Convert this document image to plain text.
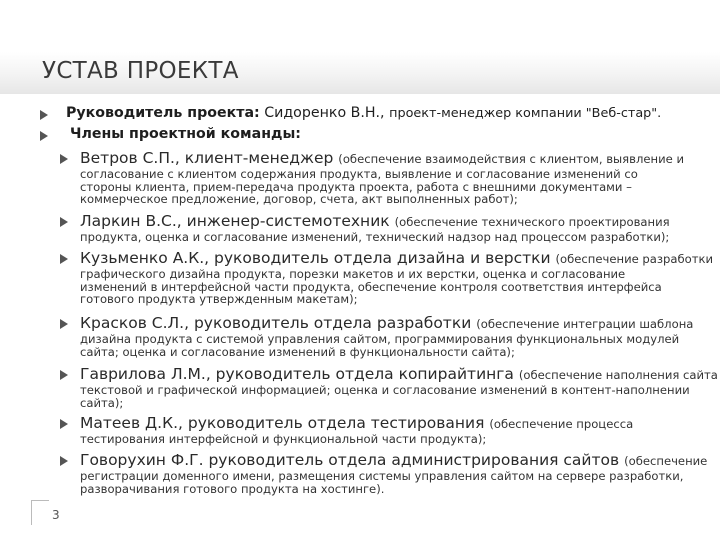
УСТАВ ПРОЕКТА
Руководитель проекта: Сидоренко В.Н., проект-менеджер компании "Веб-стар".
Члены проектной команды:
Ветров С.П., клиент-менеджер (обеспечение взаимодействия с клиентом, выявление и
согласование с клиентом содержания продукта, выявление и согласование изменений со стороны клиента, прием-передача продукта проекта, работа с внешними документами – коммерческое предложение, договор, счета, акт выполненных работ);
Ларкин В.С., инженер-системотехник (обеспечение технического проектирования
продукта, оценка и согласование изменений, технический надзор над процессом разработки);
Кузьменко А.К., руководитель отдела дизайна и верстки (обеспечение разработки
графического дизайна продукта, порезки макетов и их верстки, оценка и согласование изменений в интерфейсной части продукта, обеспечение контроля соответствия интерфейса готового продукта утвержденным макетам);
Красков С.Л., руководитель отдела разработки (обеспечение интеграции шаблона
дизайна продукта с системой управления сайтом, программирования функциональных модулей сайта; оценка и согласование изменений в функциональности сайта);
Гаврилова Л.М., руководитель отдела копирайтинга (обеспечение наполнения сайта
текстовой и графической информацией; оценка и согласование изменений в контент-наполнении сайта);
Матеев Д.К., руководитель отдела тестирования (обеспечение процесса
тестирования интерфейсной и функциональной части продукта);
Говорухин Ф.Г. руководитель отдела администрирования сайтов (обеспечение
регистрации доменного имени, размещения системы управления сайтом на сервере разработки, разворачивания готового продукта на хостинге).
3
